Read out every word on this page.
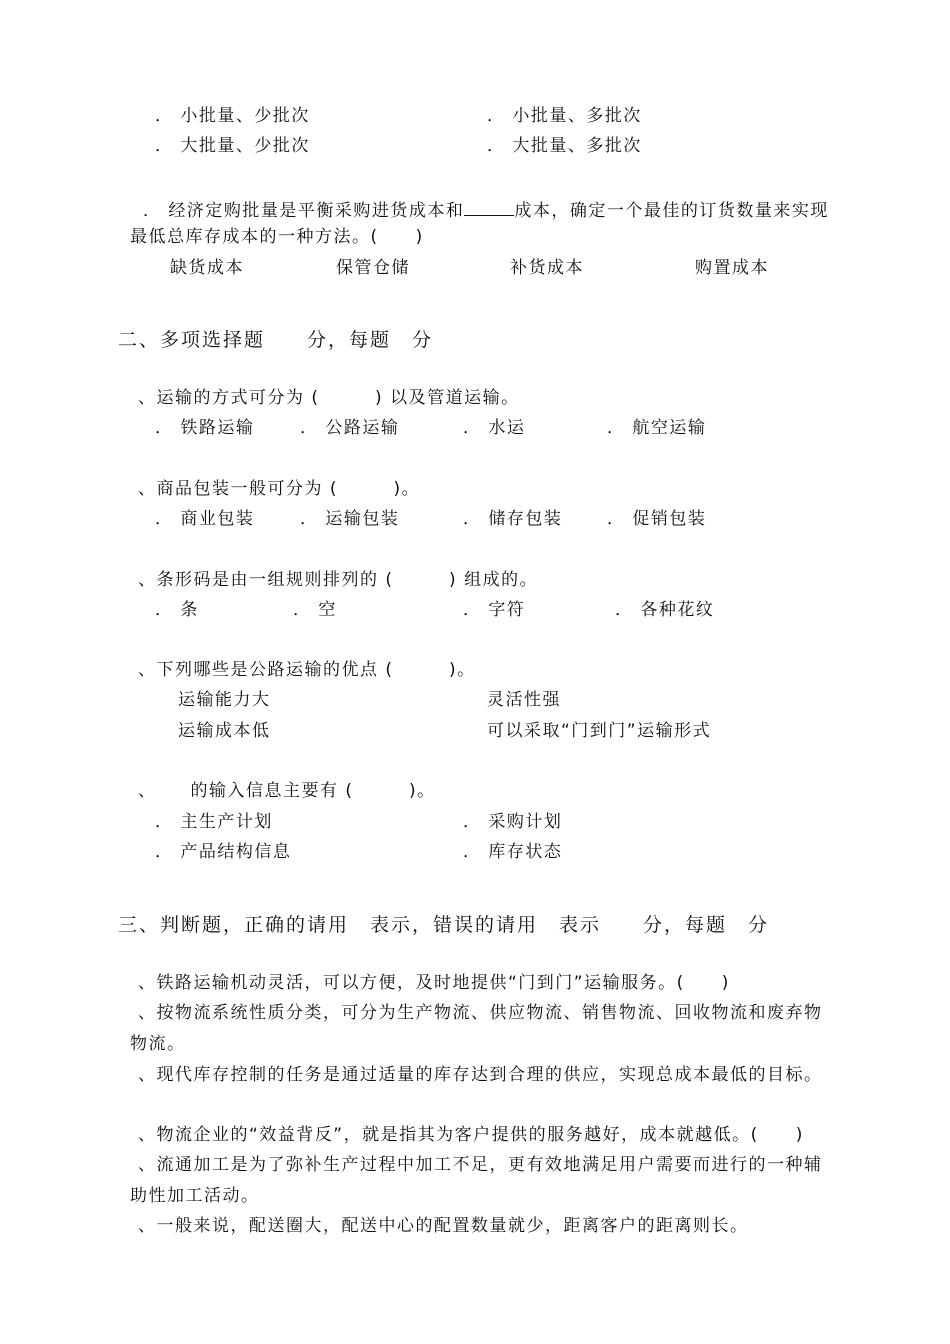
． 小批量、少批次	． 小批量、多批次
． 大批量、少批次	． 大批量、多批次
． 经济定购批量是平衡采购进货成本和	成本，确定一个最佳的订货数量来实现
最低总库存成本的一种方法。(　　)
缺货成本	保管仓储	补货成本	购置成本
二、多项选择题　　分，每题　分
、运输的方式可分为 (　　　) 以及管道运输。
． 铁路运输	． 公路运输	． 水运	． 航空运输
、商品包装一般可分为 (　　　)。
． 商业包装	． 运输包装	． 储存包装	． 促销包装
、条形码是由一组规则排列的 (　　　) 组成的。
． 条	． 空	． 字符	． 各种花纹
、下列哪些是公路运输的优点 (　　　)。
运输能力大	灵活性强
运输成本低	可以采取“门到门”运输形式
、 的输入信息主要有 (　　　)。
． 主生产计划	． 采购计划
． 产品结构信息	． 库存状态
三、判断题，正确的请用　表示，错误的请用　表示　　分，每题　分
、铁路运输机动灵活，可以方便，及时地提供“门到门”运输服务。(　　)
、按物流系统性质分类，可分为生产物流、供应物流、销售物流、回收物流和废弃物
物流。
、现代库存控制的任务是通过适量的库存达到合理的供应，实现总成本最低的目标。
、物流企业的“效益背反”，就是指其为客户提供的服务越好，成本就越低。(　　)
、流通加工是为了弥补生产过程中加工不足，更有效地满足用户需要而进行的一种辅
助性加工活动。
、一般来说，配送圈大，配送中心的配置数量就少，距离客户的距离则长。
